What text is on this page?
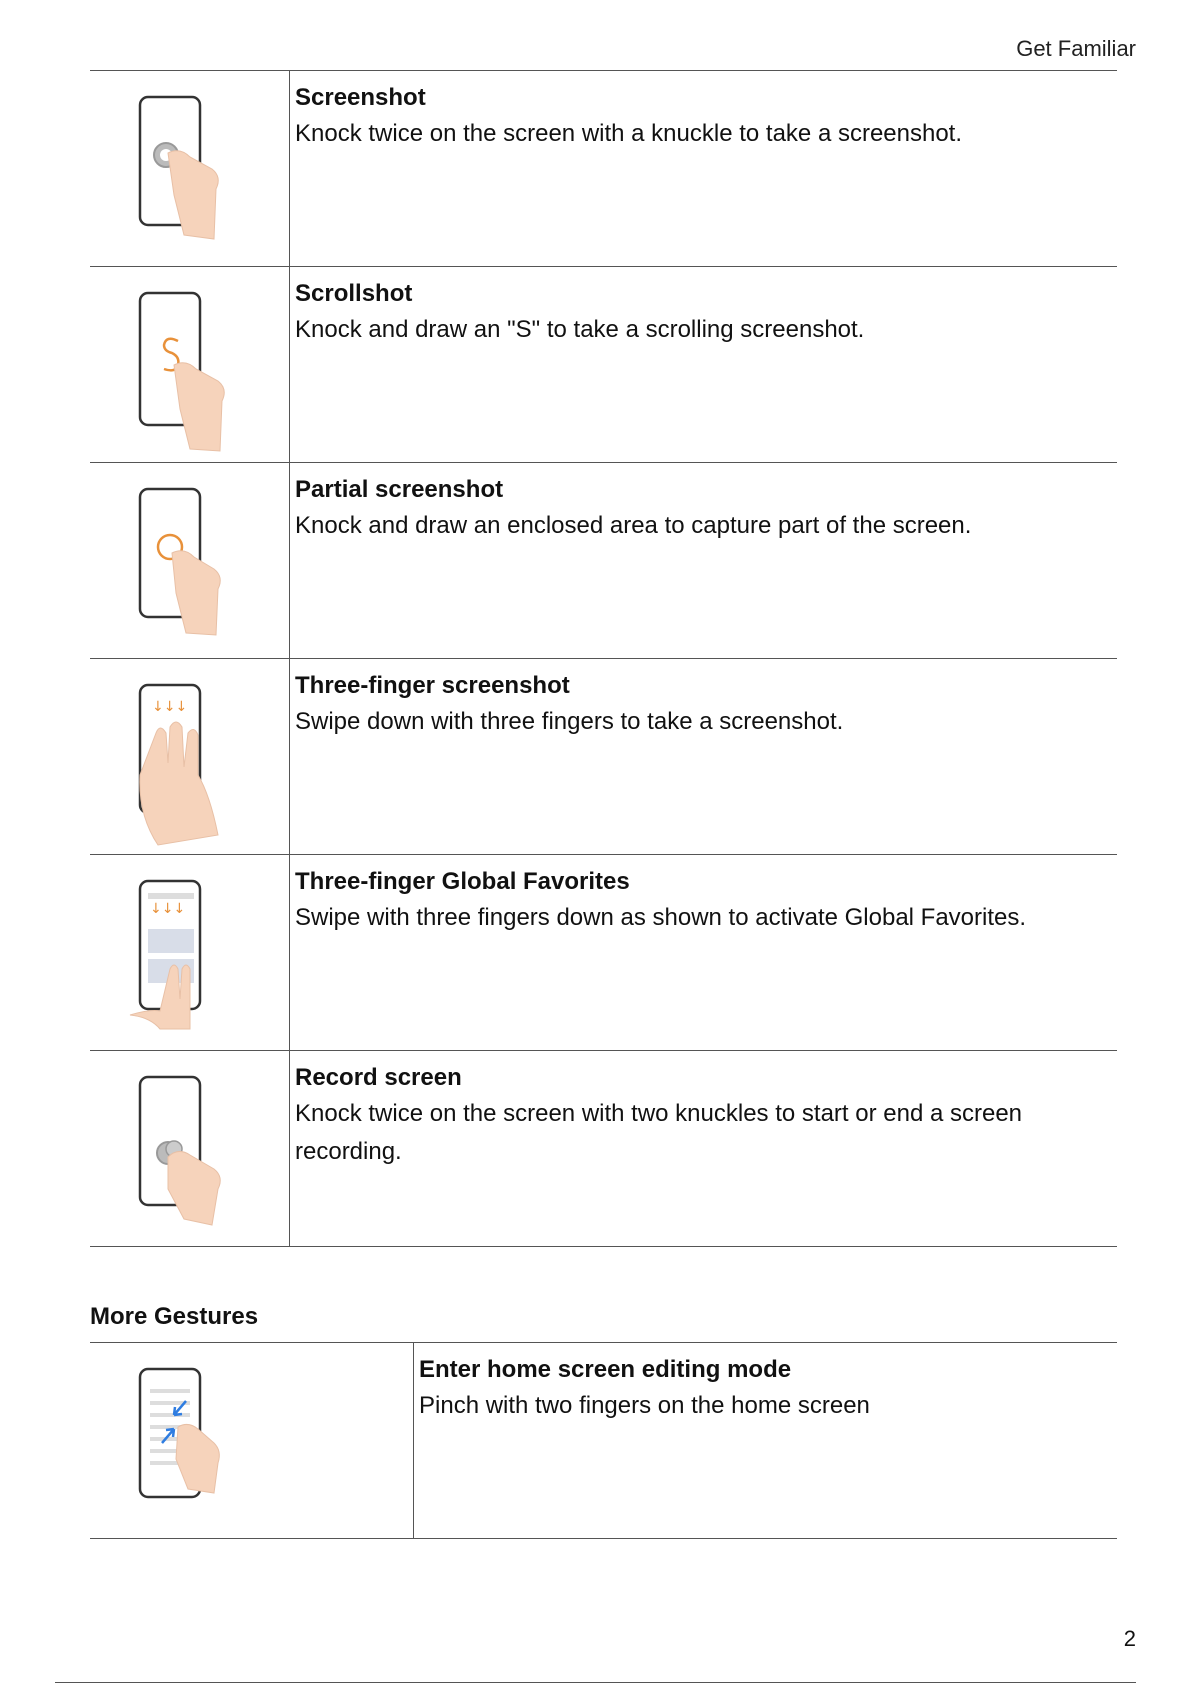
Get Familiar
Screenshot
Knock twice on the screen with a knuckle to take a screenshot.
Scrollshot
Knock and draw an "S" to take a scrolling screenshot.
Partial screenshot
Knock and draw an enclosed area to capture part of the screen.
↓↓↓
Three-finger screenshot
Swipe down with three fingers to take a screenshot.
↓↓↓
Three-finger Global Favorites
Swipe with three fingers down as shown to activate Global Favorites.
Record screen
Knock twice on the screen with two knuckles to start or end a screen recording.
More Gestures
Enter home screen editing mode
Pinch with two fingers on the home screen
2
